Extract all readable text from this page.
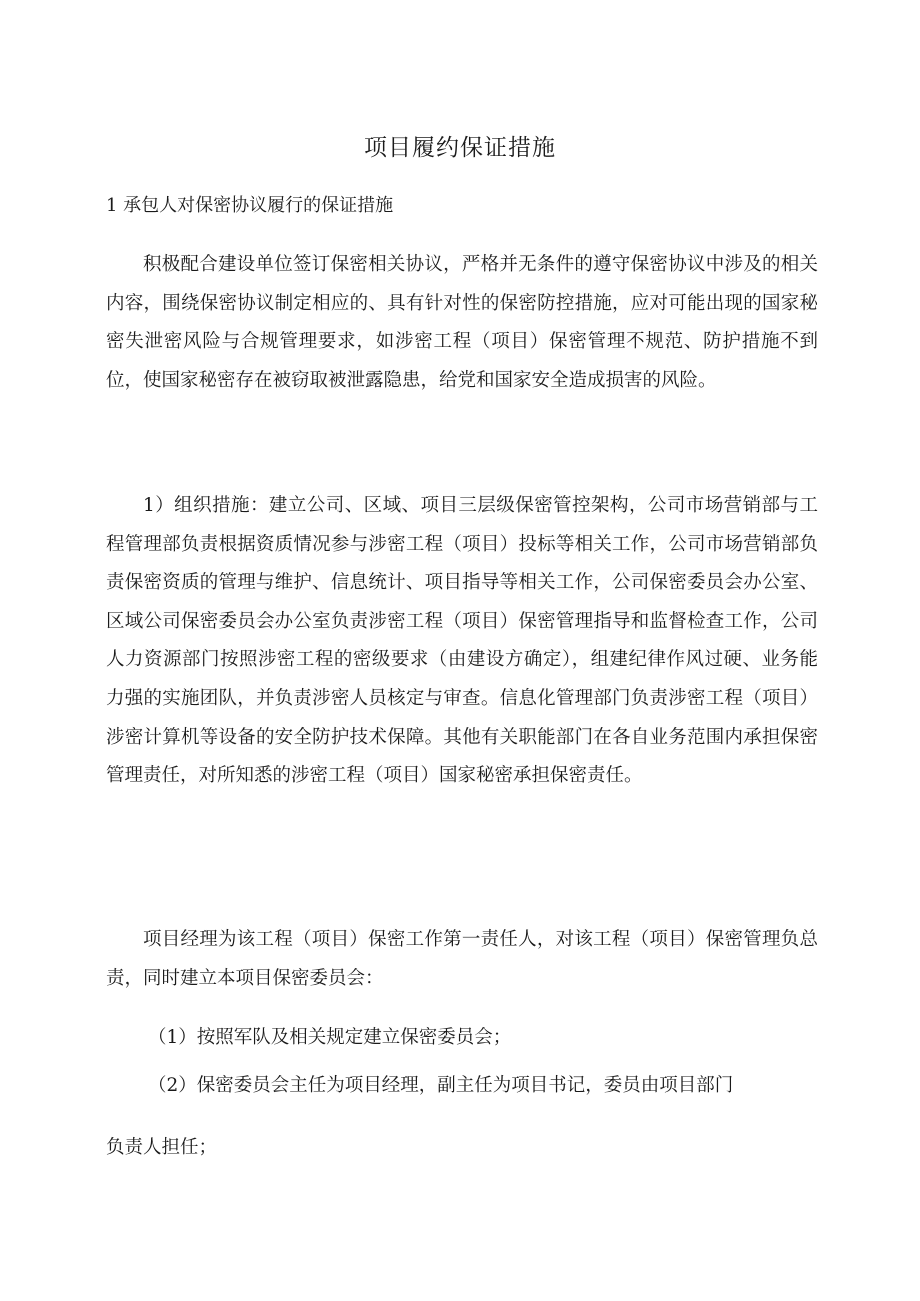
项目履约保证措施
1 承包人对保密协议履行的保证措施

积极配合建设单位签订保密相关协议，严格并无条件的遵守保密协议中涉及的相关内容，围绕保密协议制定相应的、具有针对性的保密防控措施，应对可能出现的国家秘密失泄密风险与合规管理要求，如涉密工程（项目）保密管理不规范、防护措施不到位，使国家秘密存在被窃取被泄露隐患，给党和国家安全造成损害的风险。

1）组织措施：建立公司、区域、项目三层级保密管控架构，公司市场营销部与工程管理部负责根据资质情况参与涉密工程（项目）投标等相关工作，公司市场营销部负责保密资质的管理与维护、信息统计、项目指导等相关工作，公司保密委员会办公室、区域公司保密委员会办公室负责涉密工程（项目）保密管理指导和监督检查工作，公司人力资源部门按照涉密工程的密级要求（由建设方确定），组建纪律作风过硬、业务能力强的实施团队，并负责涉密人员核定与审查。信息化管理部门负责涉密工程（项目）涉密计算机等设备的安全防护技术保障。其他有关职能部门在各自业务范围内承担保密管理责任，对所知悉的涉密工程（项目）国家秘密承担保密责任。

项目经理为该工程（项目）保密工作第一责任人，对该工程（项目）保密管理负总责，同时建立本项目保密委员会：

（1）按照军队及相关规定建立保密委员会；
（2）保密委员会主任为项目经理，副主任为项目书记，委员由项目部门
负责人担任；
